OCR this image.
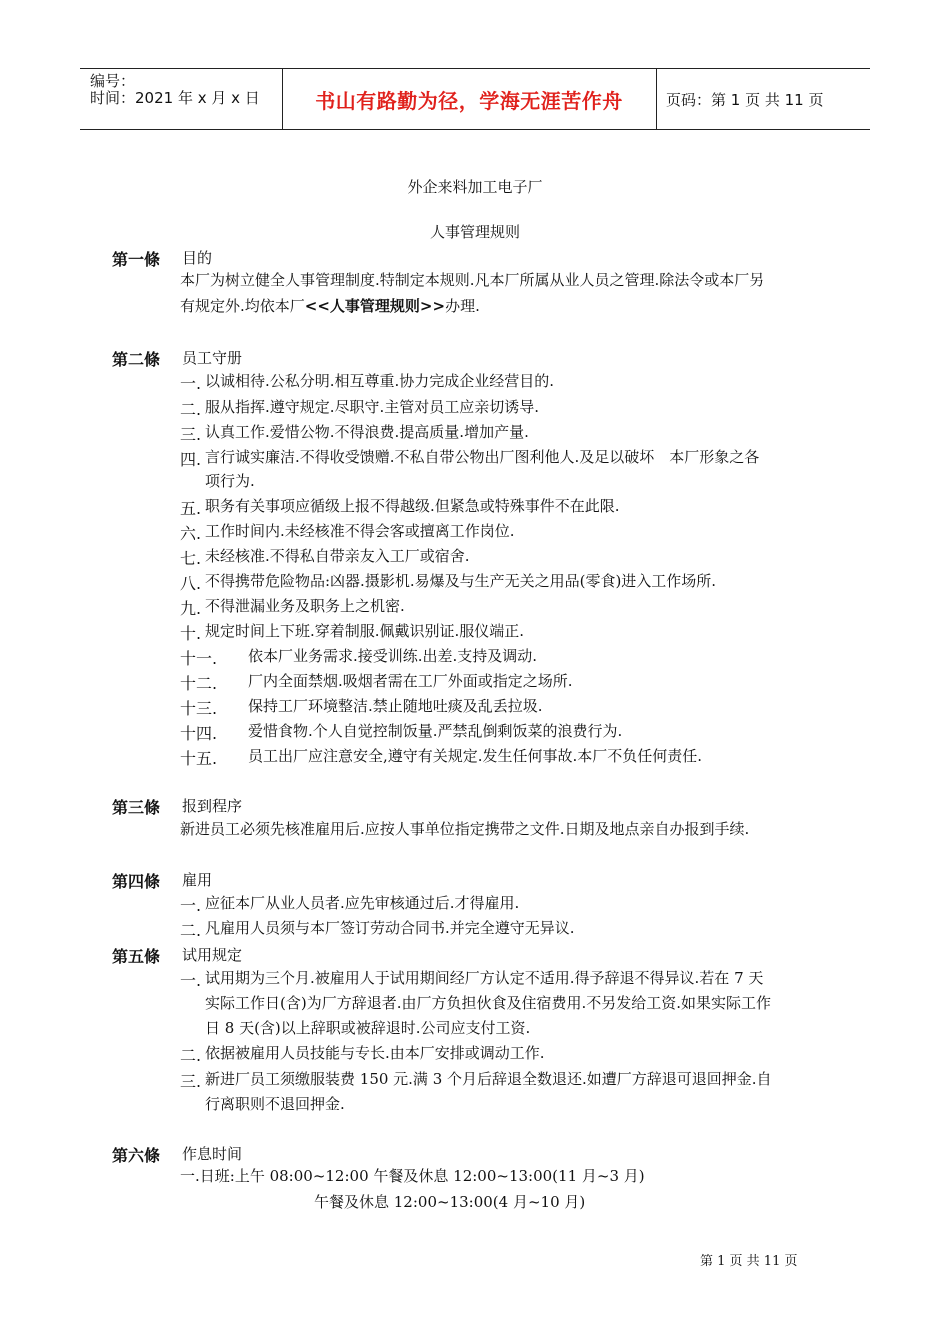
编号：
时间：2021 年 x 月 x 日	书山有路勤为径，学海无涯苦作舟	页码：第 1 页 共 11 页
外企来料加工电子厂
人事管理规则
第一條 目的
本厂为树立健全人事管理制度.特制定本规则.凡本厂所属从业人员之管理.除法令或本厂另
有规定外.均依本厂<<人事管理规则>>办理.
第二條 员工守册
一. 以诚相待.公私分明.相互尊重.协力完成企业经营目的.
二. 服从指挥.遵守规定.尽职守.主管对员工应亲切诱导.
三. 认真工作.爱惜公物.不得浪费.提高质量.增加产量.
四. 言行诚实廉洁.不得收受馈赠.不私自带公物出厂图利他人.及足以破坏　本厂形象之各
项行为.
五. 职务有关事项应循级上报不得越级.但紧急或特殊事件不在此限.
六. 工作时间内.未经核准不得会客或擅离工作岗位.
七. 未经核准.不得私自带亲友入工厂或宿舍.
八. 不得携带危险物品:凶器.摄影机.易爆及与生产无关之用品(零食)进入工作场所.
九. 不得泄漏业务及职务上之机密.
十. 规定时间上下班.穿着制服.佩戴识别证.服仪端正.
十一. 依本厂业务需求.接受训练.出差.支持及调动.
十二. 厂内全面禁烟.吸烟者需在工厂外面或指定之场所.
十三. 保持工厂环境整洁.禁止随地吐痰及乱丢拉圾.
十四. 爱惜食物.个人自觉控制饭量.严禁乱倒剩饭菜的浪费行为.
十五. 员工出厂应注意安全,遵守有关规定.发生任何事故.本厂不负任何责任.
第三條 报到程序
新进员工必须先核准雇用后.应按人事单位指定携带之文件.日期及地点亲自办报到手续.
第四條 雇用
一. 应征本厂从业人员者.应先审核通过后.才得雇用.
二. 凡雇用人员须与本厂签订劳动合同书.并完全遵守无异议.
第五條 试用规定
一. 试用期为三个月.被雇用人于试用期间经厂方认定不适用.得予辞退不得异议.若在 7 天
实际工作日(含)为厂方辞退者.由厂方负担伙食及住宿费用.不另发给工资.如果实际工作
日 8 天(含)以上辞职或被辞退时.公司应支付工资.
二. 依据被雇用人员技能与专长.由本厂安排或调动工作.
三. 新进厂员工须缴服装费 150 元.满 3 个月后辞退全数退还.如遭厂方辞退可退回押金.自
行离职则不退回押金.
第六條 作息时间
一.日班:上午 08:00~12:00 午餐及休息 12:00~13:00(11 月~3 月)
午餐及休息 12:00~13:00(4 月~10 月)
第 1 页 共 11 页
